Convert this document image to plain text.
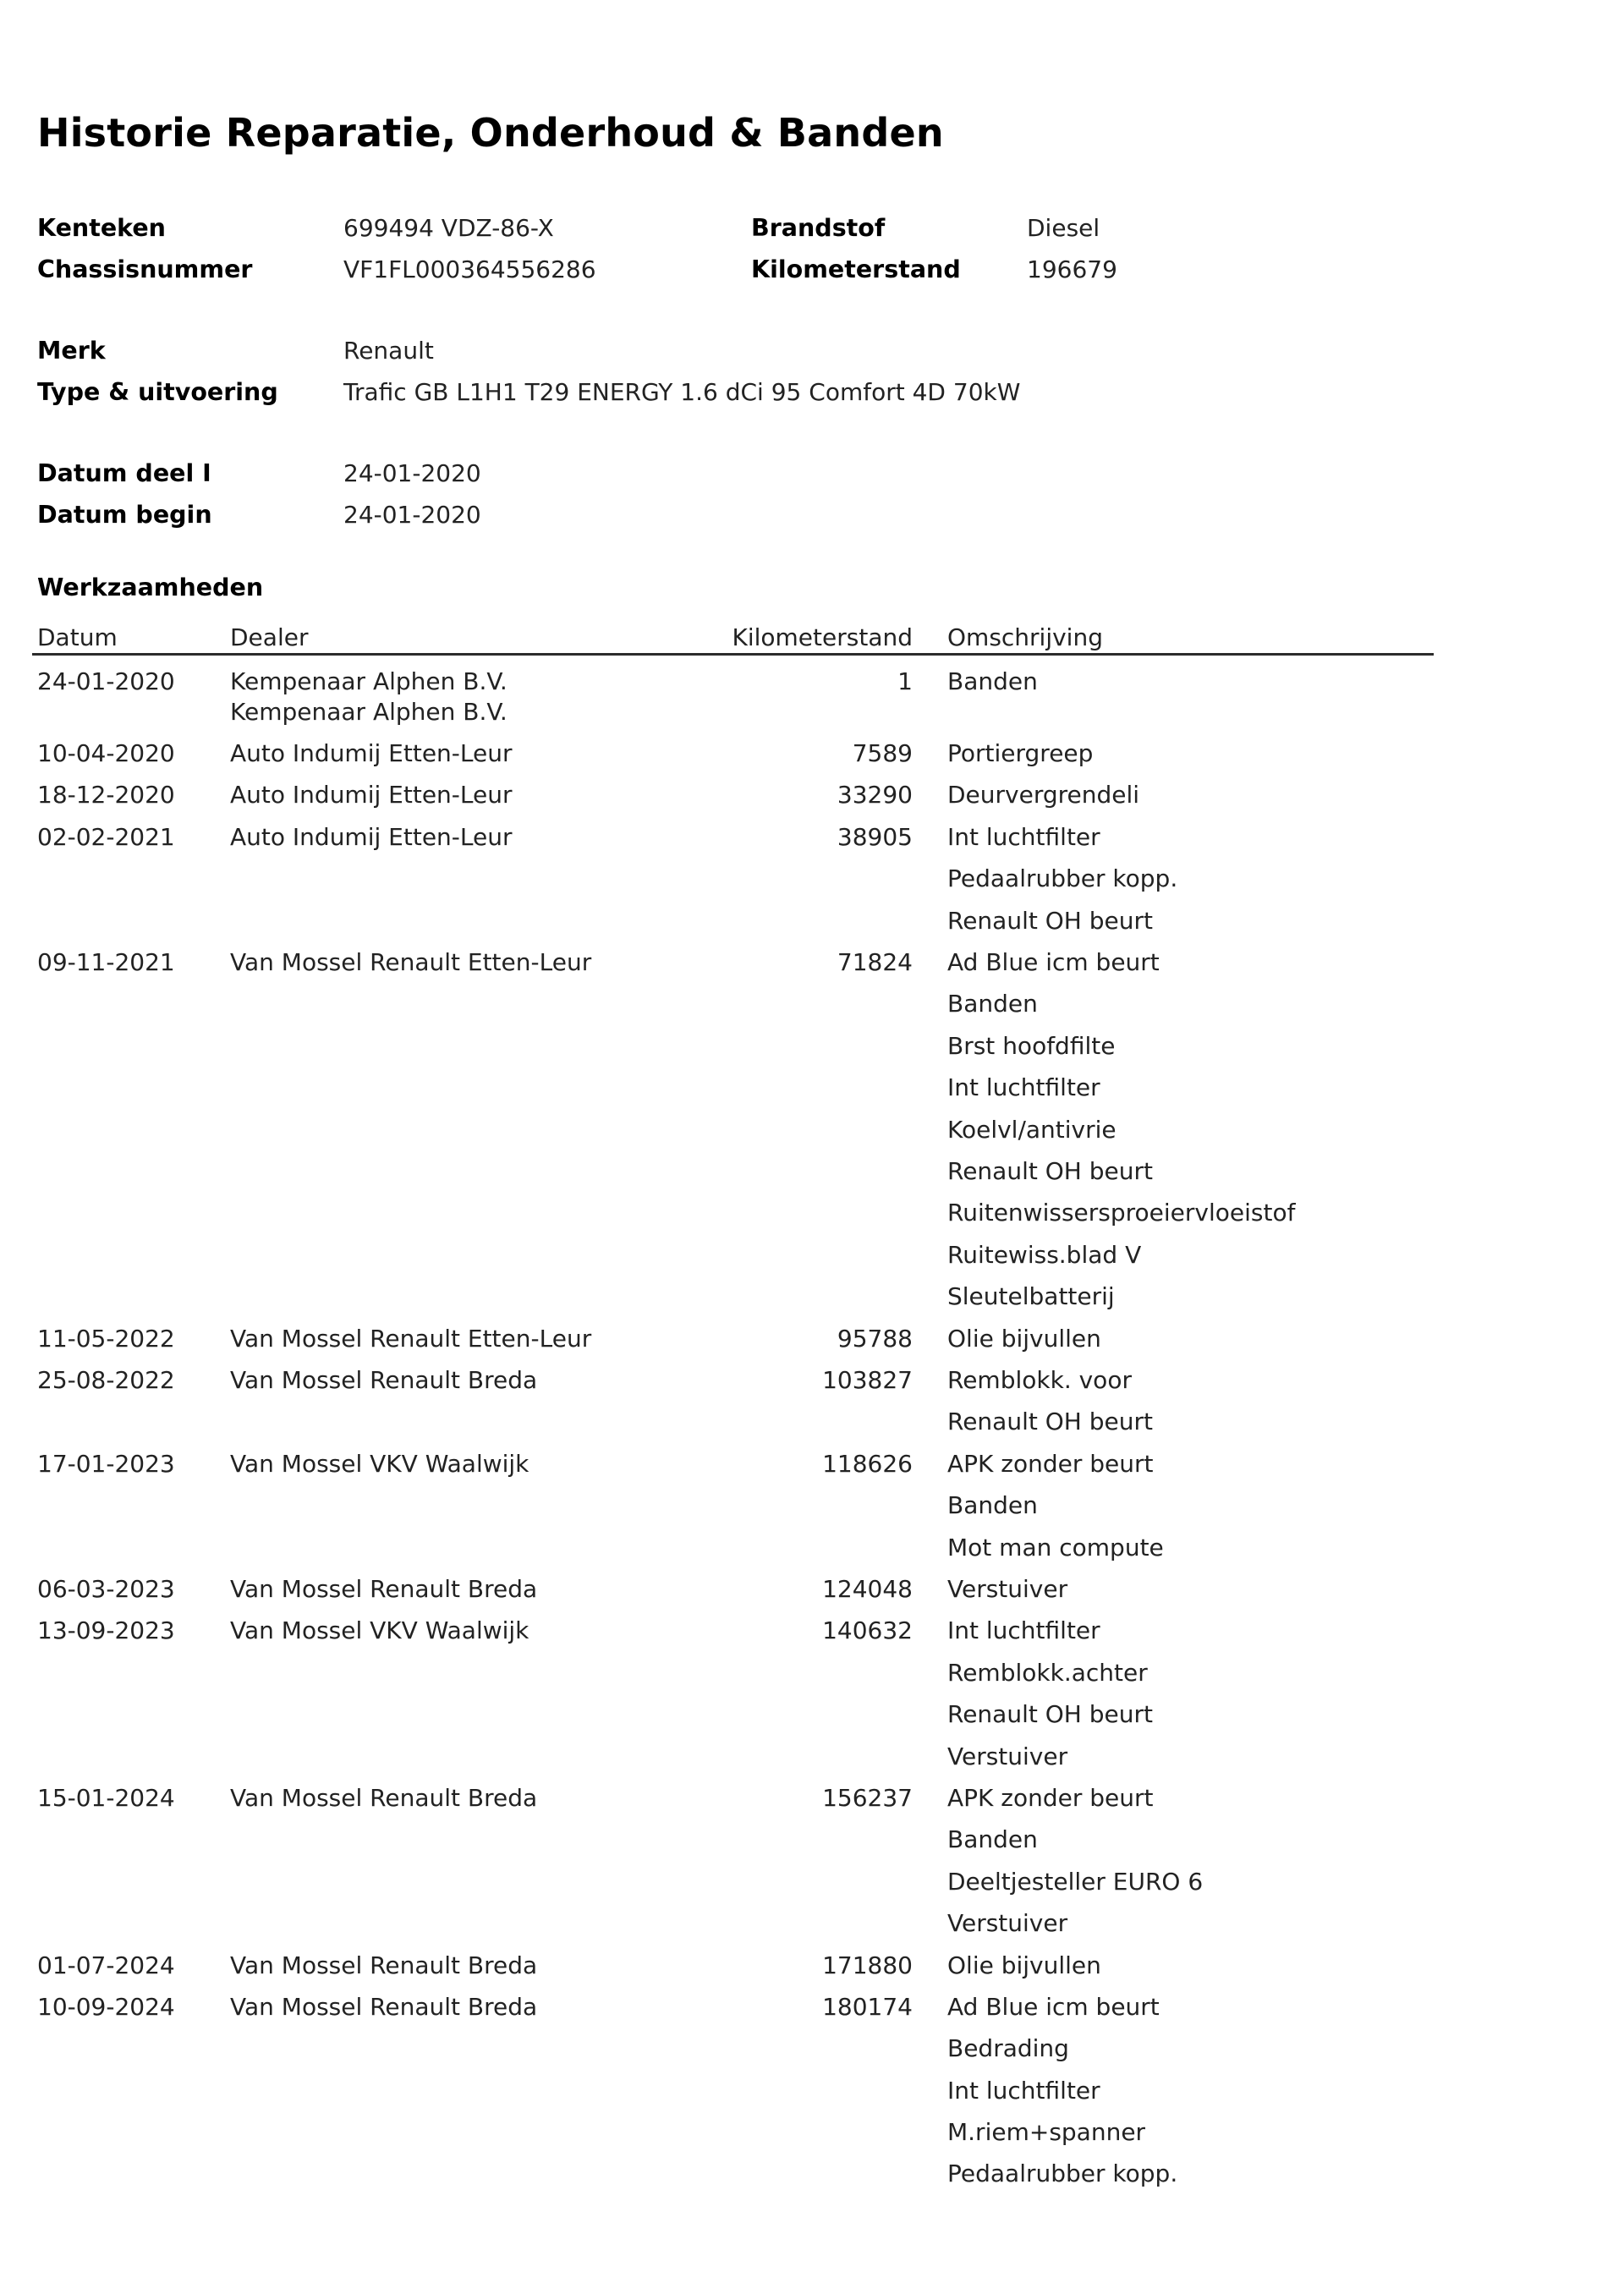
Historie Reparatie, Onderhoud & Banden
Kenteken	699494 VDZ-86-X
Chassisnummer	VF1FL000364556286
Brandstof	Diesel
Kilometerstand	196679
Merk	Renault
Type & uitvoering	Trafic GB L1H1 T29 ENERGY 1.6 dCi 95 Comfort 4D 70kW
Datum deel I	24-01-2020
Datum begin	24-01-2020
Werkzaamheden
Datum	Dealer	Kilometerstand Omschrijving
24-01-2020 Kempenaar Alphen B.V.
Kempenaar Alphen B.V.
1 Banden
10-04-2020 Auto Indumij Etten-Leur	7589 Portiergreep
18-12-2020 Auto Indumij Etten-Leur	33290 Deurvergrendeli
02-02-2021 Auto Indumij Etten-Leur	38905 Int luchtfilter
Pedaalrubber kopp.
Renault OH beurt
09-11-2021 Van Mossel Renault Etten-Leur	71824 Ad Blue icm beurt
Banden
Brst hoofdfilte
Int luchtfilter
Koelvl/antivrie
Renault OH beurt
Ruitenwissersproeiervloeistof
Ruitewiss.blad V
Sleutelbatterij
11-05-2022 Van Mossel Renault Etten-Leur	95788 Olie bijvullen
25-08-2022 Van Mossel Renault Breda	103827 Remblokk. voor
Renault OH beurt
17-01-2023 Van Mossel VKV Waalwijk	118626 APK zonder beurt
Banden
Mot man compute
06-03-2023 Van Mossel Renault Breda	124048 Verstuiver
13-09-2023 Van Mossel VKV Waalwijk	140632 Int luchtfilter
Remblokk.achter
Renault OH beurt
Verstuiver
15-01-2024 Van Mossel Renault Breda	156237 APK zonder beurt
Banden
Deeltjesteller EURO 6
Verstuiver
01-07-2024 Van Mossel Renault Breda	171880 Olie bijvullen
10-09-2024 Van Mossel Renault Breda	180174 Ad Blue icm beurt
Bedrading
Int luchtfilter
M.riem+spanner
Pedaalrubber kopp.
